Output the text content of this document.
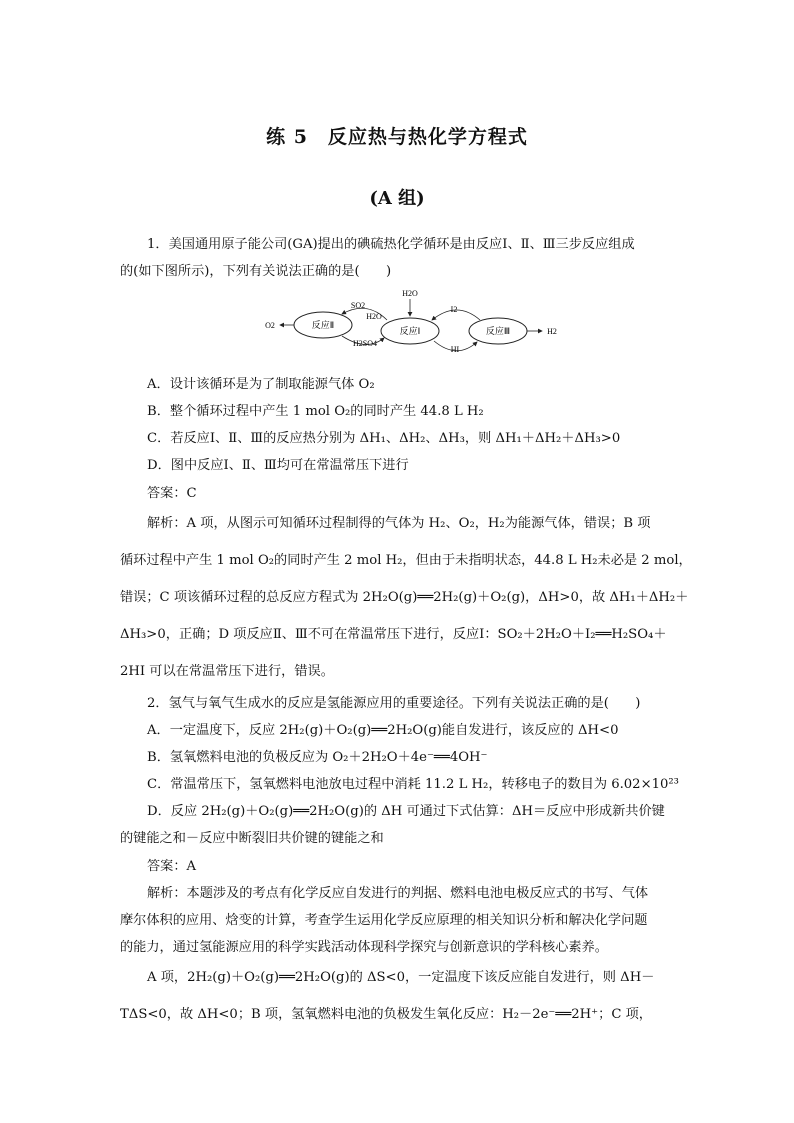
练 5　反应热与热化学方程式
(A 组)
1．美国通用原子能公司(GA)提出的碘硫热化学循环是由反应Ⅰ、Ⅱ、Ⅲ三步反应组成
的(如下图所示)，下列有关说法正确的是(　　)
反应Ⅱ
反应Ⅰ	反应Ⅲ
O2
SO2
H2O
H2SO4
H2O
I2
HI
H2
A．设计该循环是为了制取能源气体 O₂
B．整个循环过程中产生 1 mol O₂的同时产生 44.8 L H₂
C．若反应Ⅰ、Ⅱ、Ⅲ的反应热分别为 ΔH₁、ΔH₂、ΔH₃，则 ΔH₁＋ΔH₂＋ΔH₃>0
D．图中反应Ⅰ、Ⅱ、Ⅲ均可在常温常压下进行
答案：C
解析：A 项，从图示可知循环过程制得的气体为 H₂、O₂，H₂为能源气体，错误；B 项
循环过程中产生 1 mol O₂的同时产生 2 mol H₂，但由于未指明状态，44.8 L H₂未必是 2 mol，
错误；C 项该循环过程的总反应方程式为 2H₂O(g)══2H₂(g)＋O₂(g)，ΔH>0，故 ΔH₁＋ΔH₂＋
ΔH₃>0，正确；D 项反应Ⅱ、Ⅲ不可在常温常压下进行，反应Ⅰ：SO₂＋2H₂O＋I₂══H₂SO₄＋
2HI 可以在常温常压下进行，错误。
2．氢气与氧气生成水的反应是氢能源应用的重要途径。下列有关说法正确的是(　　)
A．一定温度下，反应 2H₂(g)＋O₂(g)══2H₂O(g)能自发进行，该反应的 ΔH<0
B．氢氧燃料电池的负极反应为 O₂＋2H₂O＋4e⁻══4OH⁻
C．常温常压下，氢氧燃料电池放电过程中消耗 11.2 L H₂，转移电子的数目为 6.02×10²³
D．反应 2H₂(g)＋O₂(g)══2H₂O(g)的 ΔH 可通过下式估算：ΔH＝反应中形成新共价键
的键能之和－反应中断裂旧共价键的键能之和
答案：A
解析：本题涉及的考点有化学反应自发进行的判据、燃料电池电极反应式的书写、气体
摩尔体积的应用、焓变的计算，考查学生运用化学反应原理的相关知识分析和解决化学问题
的能力，通过氢能源应用的科学实践活动体现科学探究与创新意识的学科核心素养。
A 项，2H₂(g)＋O₂(g)══2H₂O(g)的 ΔS<0，一定温度下该反应能自发进行，则 ΔH－
TΔS<0，故 ΔH<0；B 项，氢氧燃料电池的负极发生氧化反应：H₂－2e⁻══2H⁺；C 项，
